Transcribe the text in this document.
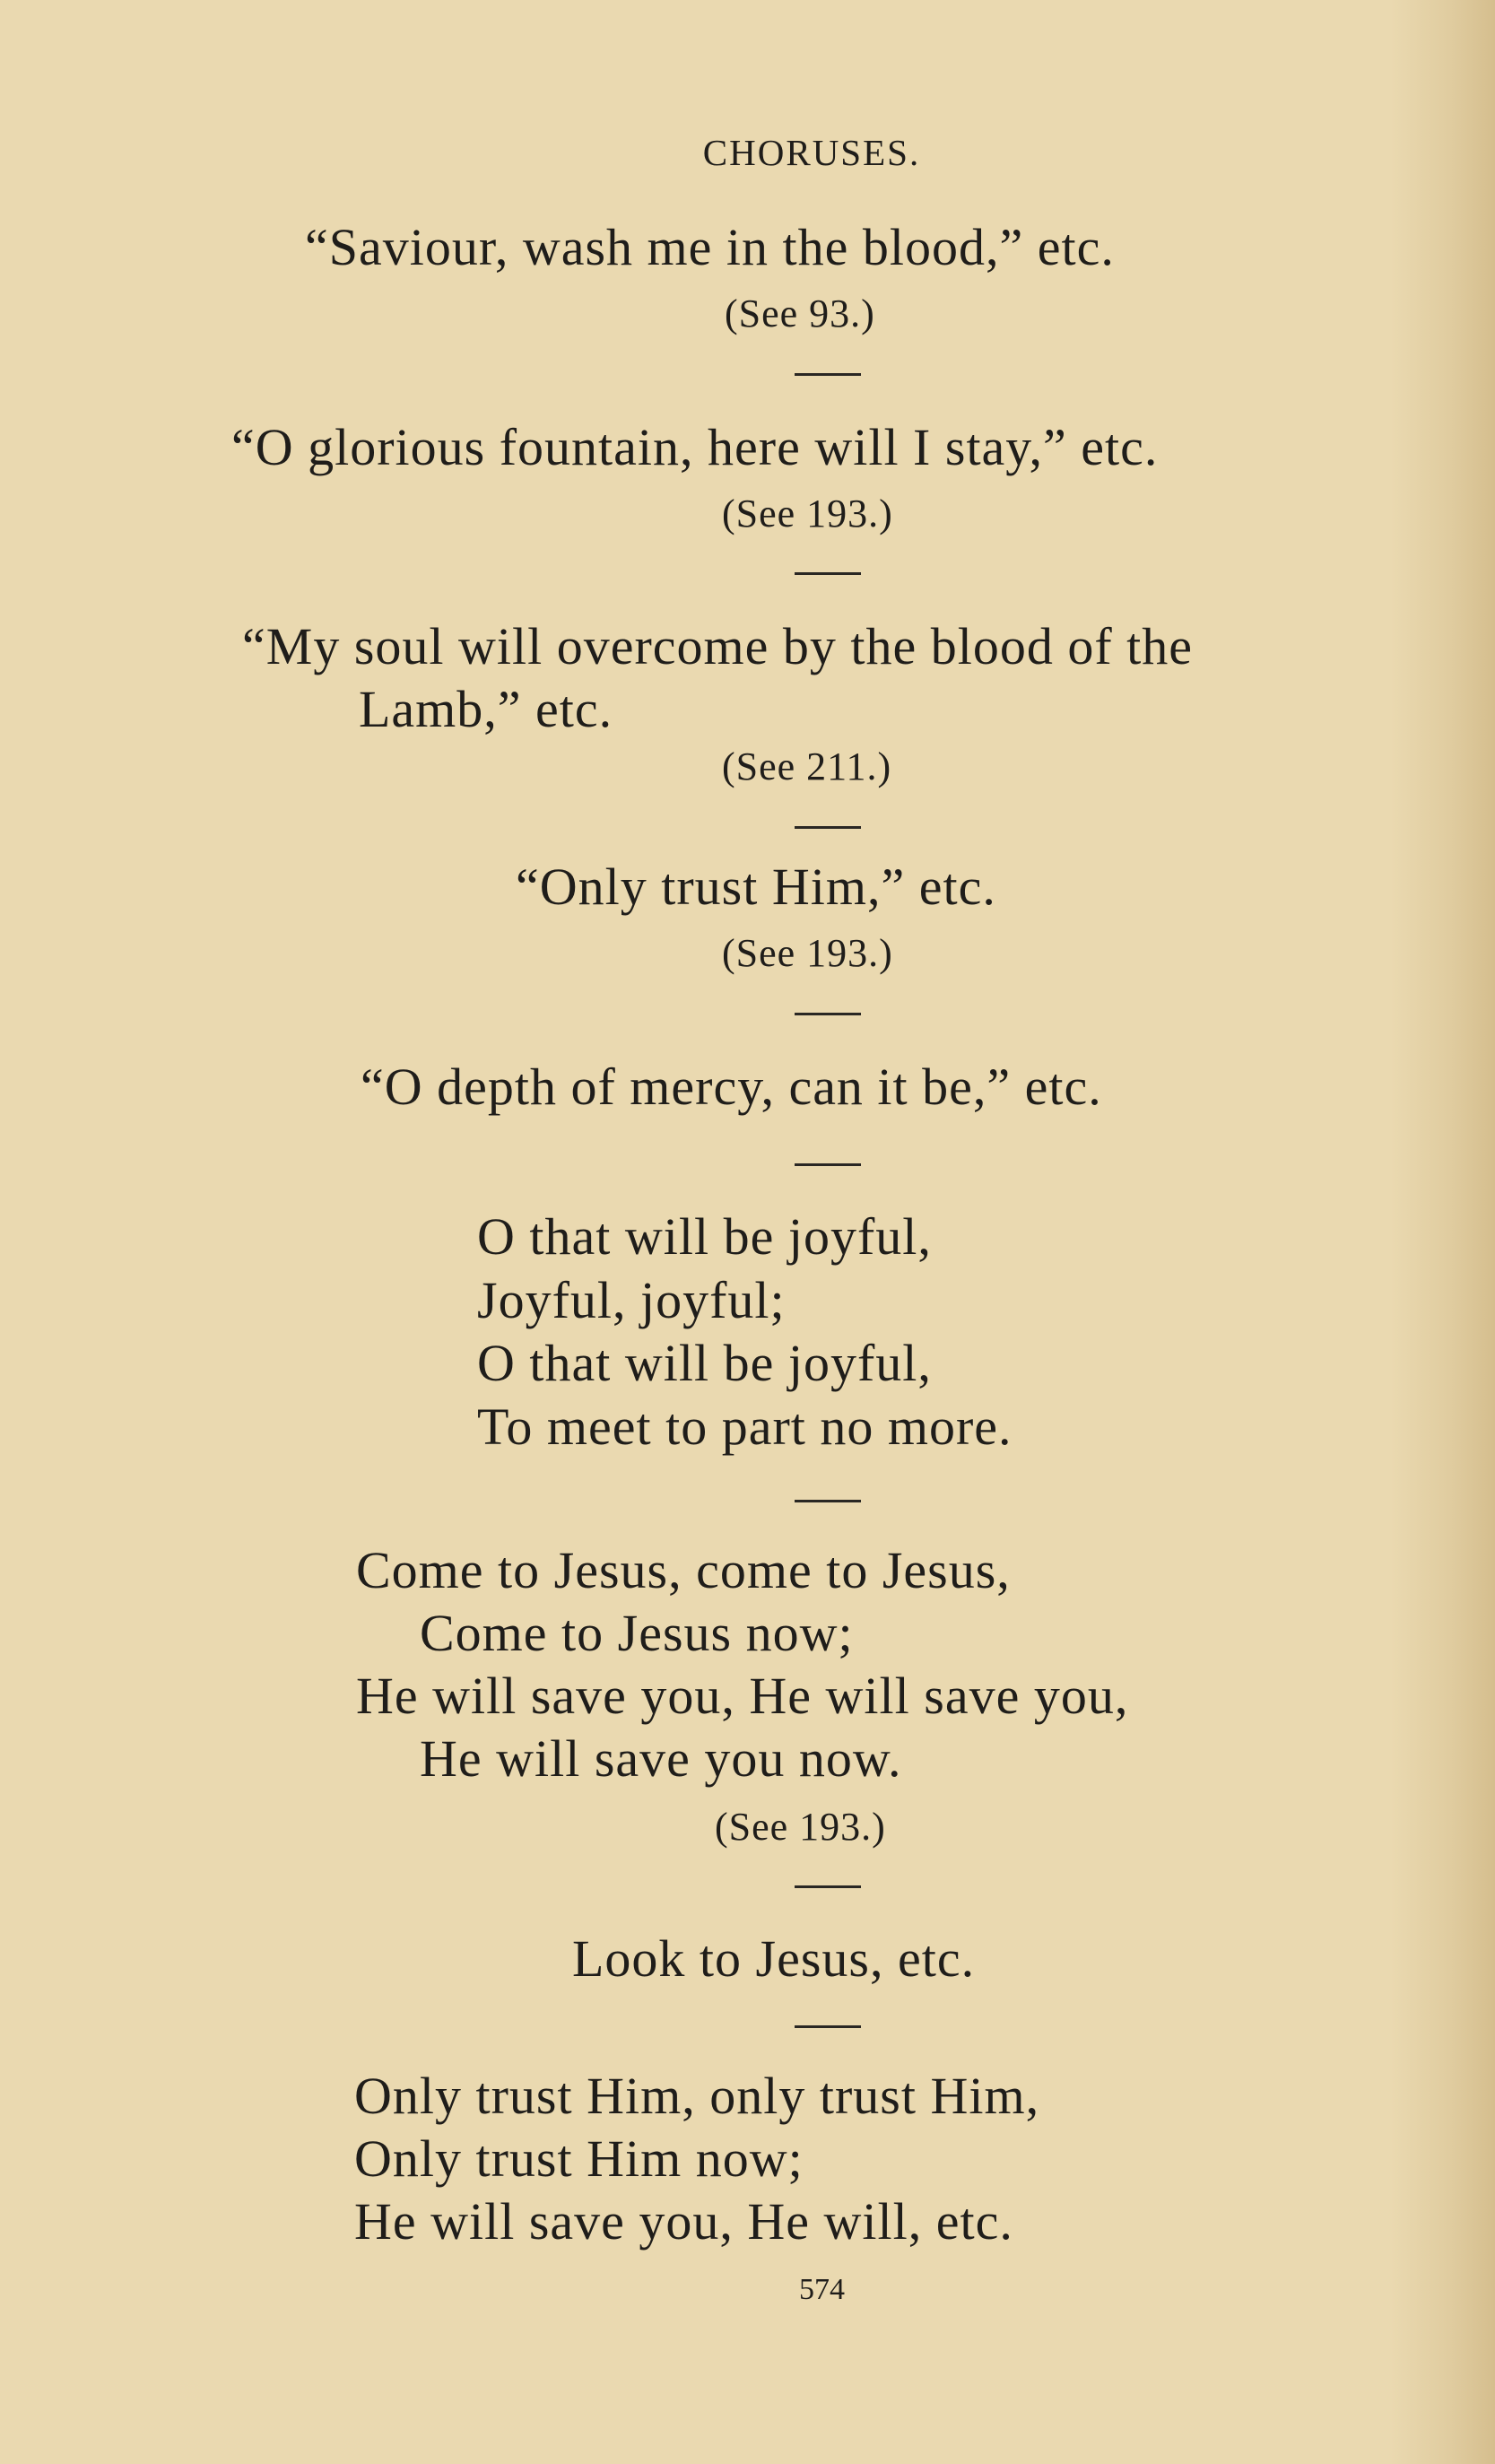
CHORUSES.
“Saviour, wash me in the blood,” etc.
(See 93.)
“O glorious fountain, here will I stay,” etc.
(See 193.)
“My soul will overcome by the blood of the
Lamb,” etc.
(See 211.)
“Only trust Him,” etc.
(See 193.)
“O depth of mercy, can it be,” etc.
O that will be joyful,
Joyful, joyful;
O that will be joyful,
To meet to part no more.
Come to Jesus, come to Jesus,
Come to Jesus now;
He will save you, He will save you,
He will save you now.
(See 193.)
Look to Jesus, etc.
Only trust Him, only trust Him,
Only trust Him now;
He will save you, He will, etc.
574
